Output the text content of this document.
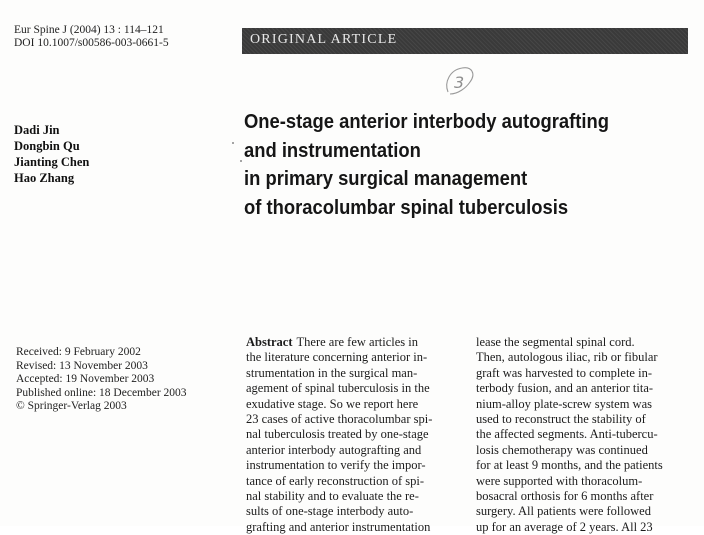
Eur Spine J (2004) 13 : 114–121
DOI 10.1007/s00586-003-0661-5	ORIGINAL ARTICLE
3
Dadi Jin
Dongbin Qu
Jianting Chen
Hao Zhang
One-stage anterior interbody autografting
and instrumentation
in primary surgical management
of thoracolumbar spinal tuberculosis
Received: 9 February 2002
Revised: 13 November 2003
Accepted: 19 November 2003
Published online: 18 December 2003
© Springer-Verlag 2003
Abstract There are few articles in
the literature concerning anterior in-
strumentation in the surgical man-
agement of spinal tuberculosis in the
exudative stage. So we report here
23 cases of active thoracolumbar spi-
nal tuberculosis treated by one-stage
anterior interbody autografting and
instrumentation to verify the impor-
tance of early reconstruction of spi-
nal stability and to evaluate the re-
sults of one-stage interbody auto-
grafting and anterior instrumentation
lease the segmental spinal cord.
Then, autologous iliac, rib or fibular
graft was harvested to complete in-
terbody fusion, and an anterior tita-
nium-alloy plate-screw system was
used to reconstruct the stability of
the affected segments. Anti-tubercu-
losis chemotherapy was continued
for at least 9 months, and the patients
were supported with thoracolum-
bosacral orthosis for 6 months after
surgery. All patients were followed
up for an average of 2 years. All 23
